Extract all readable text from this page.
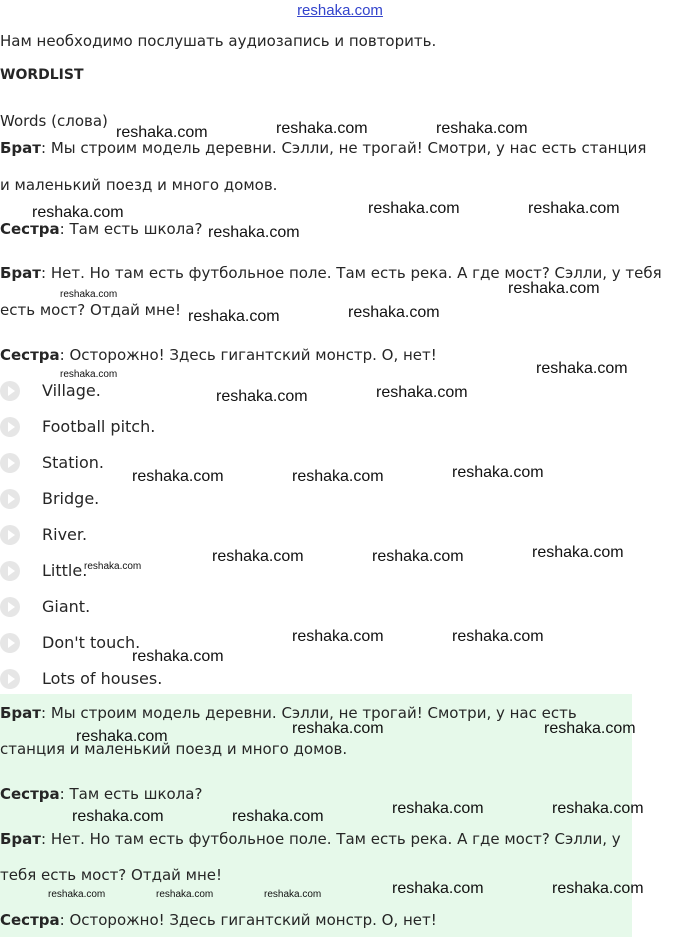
reshaka.com
Нам необходимо послушать аудиозапись и повторить.
WORDLIST
Words (слова)
Брат: Мы строим модель деревни. Сэлли, не трогай! Смотри, у нас есть станция
и маленький поезд и много домов.
Сестра: Там есть школа?
Брат: Нет. Но там есть футбольное поле. Там есть река. А где мост? Сэлли, у тебя
есть мост? Отдай мне!
Сестра: Осторожно! Здесь гигантский монстр. О, нет!
Village.
Football pitch.
Station.
Bridge.
River.
Little.
Giant.
Don't touch.
Lots of houses.
Брат: Мы строим модель деревни. Сэлли, не трогай! Смотри, у нас есть
станция и маленький поезд и много домов.
Сестра: Там есть школа?
Брат: Нет. Но там есть футбольное поле. Там есть река. А где мост? Сэлли, у
тебя есть мост? Отдай мне!
Сестра: Осторожно! Здесь гигантский монстр. О, нет!
reshaka.com	reshaka.com	reshaka.com
reshaka.com	reshaka.com	reshaka.com
reshaka.com
reshaka.com	reshaka.com
reshaka.com	reshaka.com
reshaka.com	reshaka.com
reshaka.com	reshaka.com
reshaka.com	reshaka.com	reshaka.com
reshaka.com
reshaka.com	reshaka.com	reshaka.com
reshaka.com	reshaka.com
reshaka.com
reshaka.com	reshaka.com
reshaka.com
reshaka.com	reshaka.com
reshaka.com	reshaka.com
reshaka.com	reshaka.com
reshaka.com	reshaka.com	reshaka.com
